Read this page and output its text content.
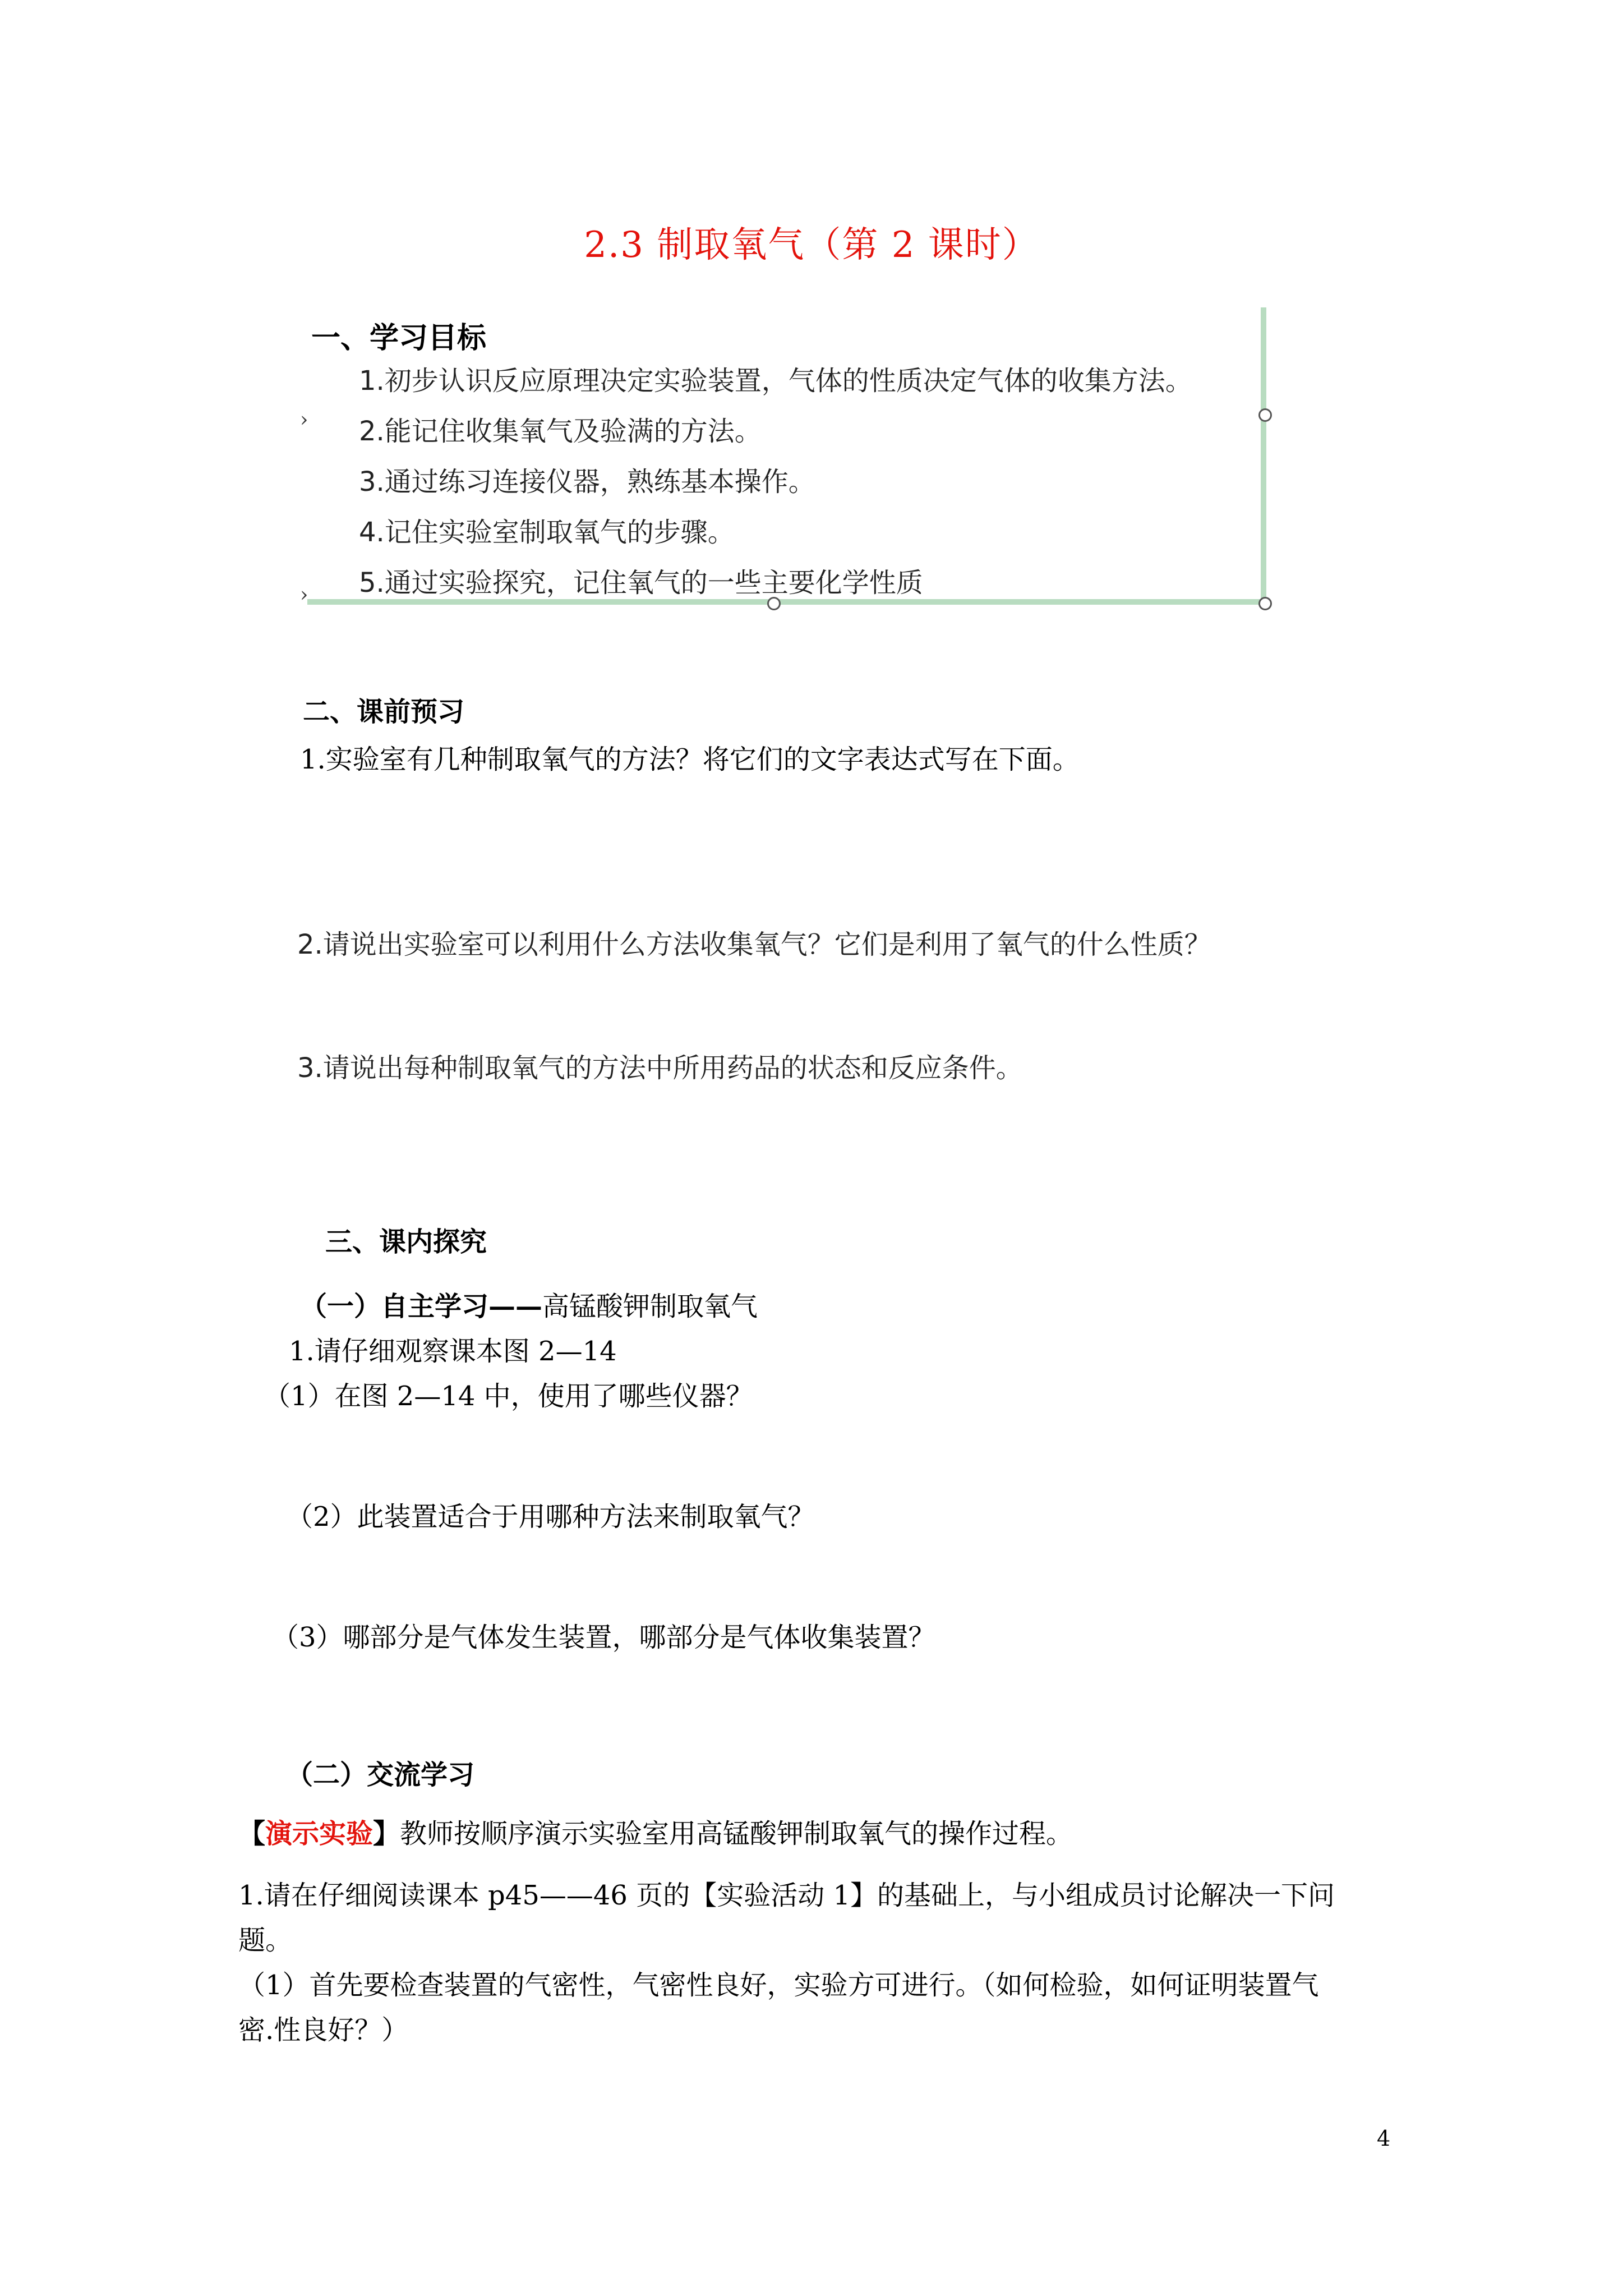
2.3 制取氧气（第 2 课时）
›
›
一、学习目标
1.初步认识反应原理决定实验装置，气体的性质决定气体的收集方法。
2.能记住收集氧气及验满的方法。
3.通过练习连接仪器，熟练基本操作。
4.记住实验室制取氧气的步骤。
5.通过实验探究，记住氧气的一些主要化学性质
二、课前预习
1.实验室有几种制取氧气的方法？将它们的文字表达式写在下面。
2.请说出实验室可以利用什么方法收集氧气？它们是利用了氧气的什么性质？
3.请说出每种制取氧气的方法中所用药品的状态和反应条件。
三、课内探究
（一）自主学习——高锰酸钾制取氧气
1.请仔细观察课本图 2—14
（1）在图 2—14 中，使用了哪些仪器？
（2）此装置适合于用哪种方法来制取氧气？
（3）哪部分是气体发生装置，哪部分是气体收集装置？
（二）交流学习
【演示实验】教师按顺序演示实验室用高锰酸钾制取氧气的操作过程。
1.请在仔细阅读课本 p45——46 页的【实验活动 1】的基础上，与小组成员讨论解决一下问
题。
（1）首先要检查装置的气密性，气密性良好，实验方可进行。（如何检验，如何证明装置气
密.性良好？）
4
